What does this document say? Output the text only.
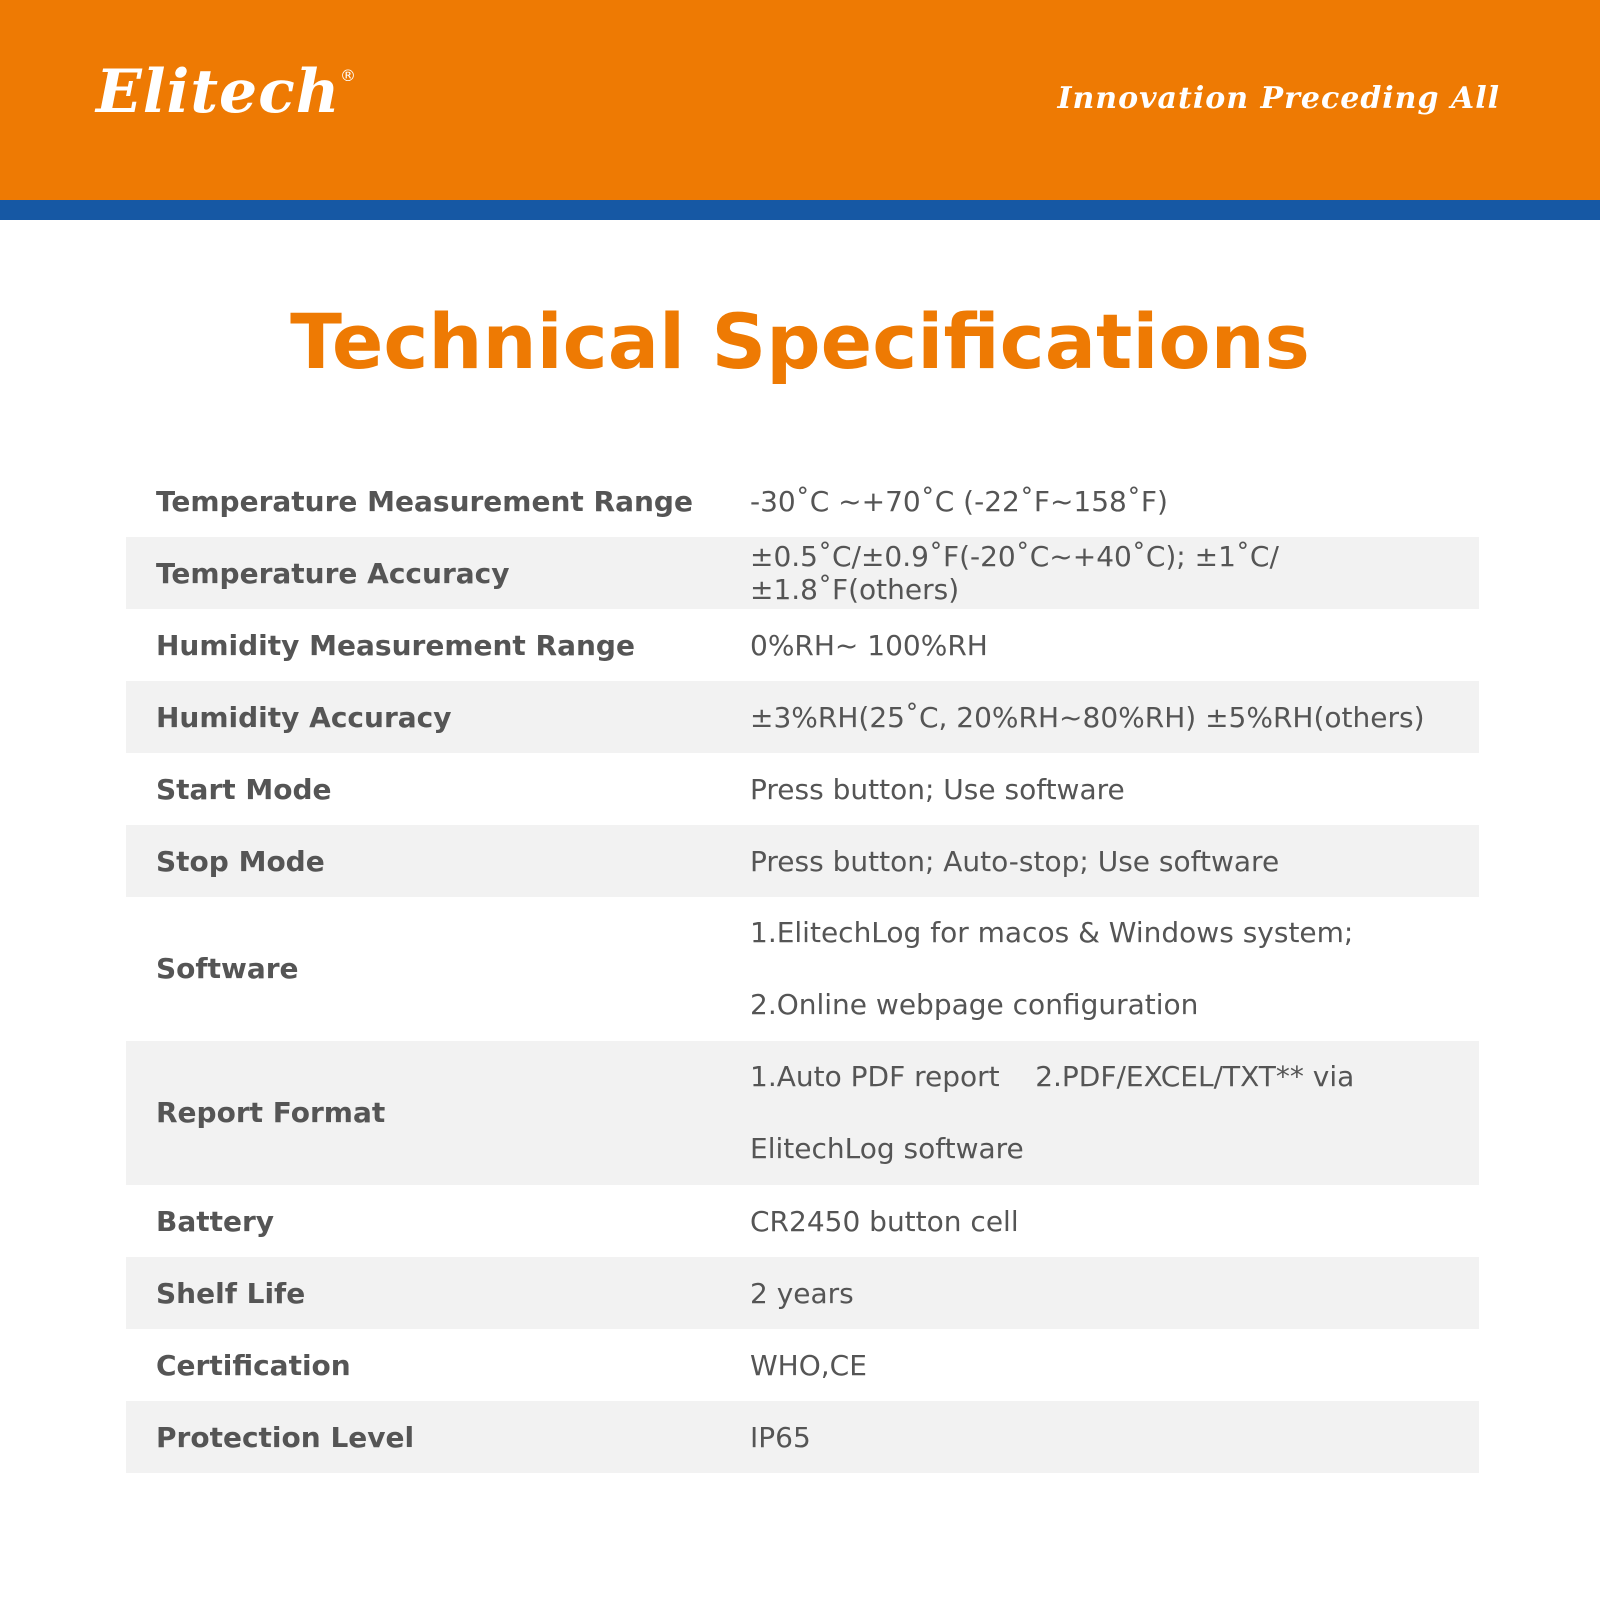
Elitech ®
Innovation Preceding All
Technical Specifications
Temperature Measurement Range	-30˚C ~+70˚C (-22˚F~158˚F)
Temperature Accuracy	±0.5˚C/±0.9˚F(-20˚C~+40˚C); ±1˚C/ ±1.8˚F(others)
Humidity Measurement Range	0%RH~ 100%RH
Humidity Accuracy	±3%RH(25˚C, 20%RH~80%RH) ±5%RH(others)
Start Mode	Press button; Use software
Stop Mode	Press button; Auto-stop; Use software
Software	1.ElitechLog for macos & Windows system;
2.Online webpage configuration

Report Format	1.Auto PDF report    2.PDF/EXCEL/TXT** via
ElitechLog software

Battery	CR2450 button cell
Shelf Life	2 years
Certification	WHO,CE
Protection Level	IP65
